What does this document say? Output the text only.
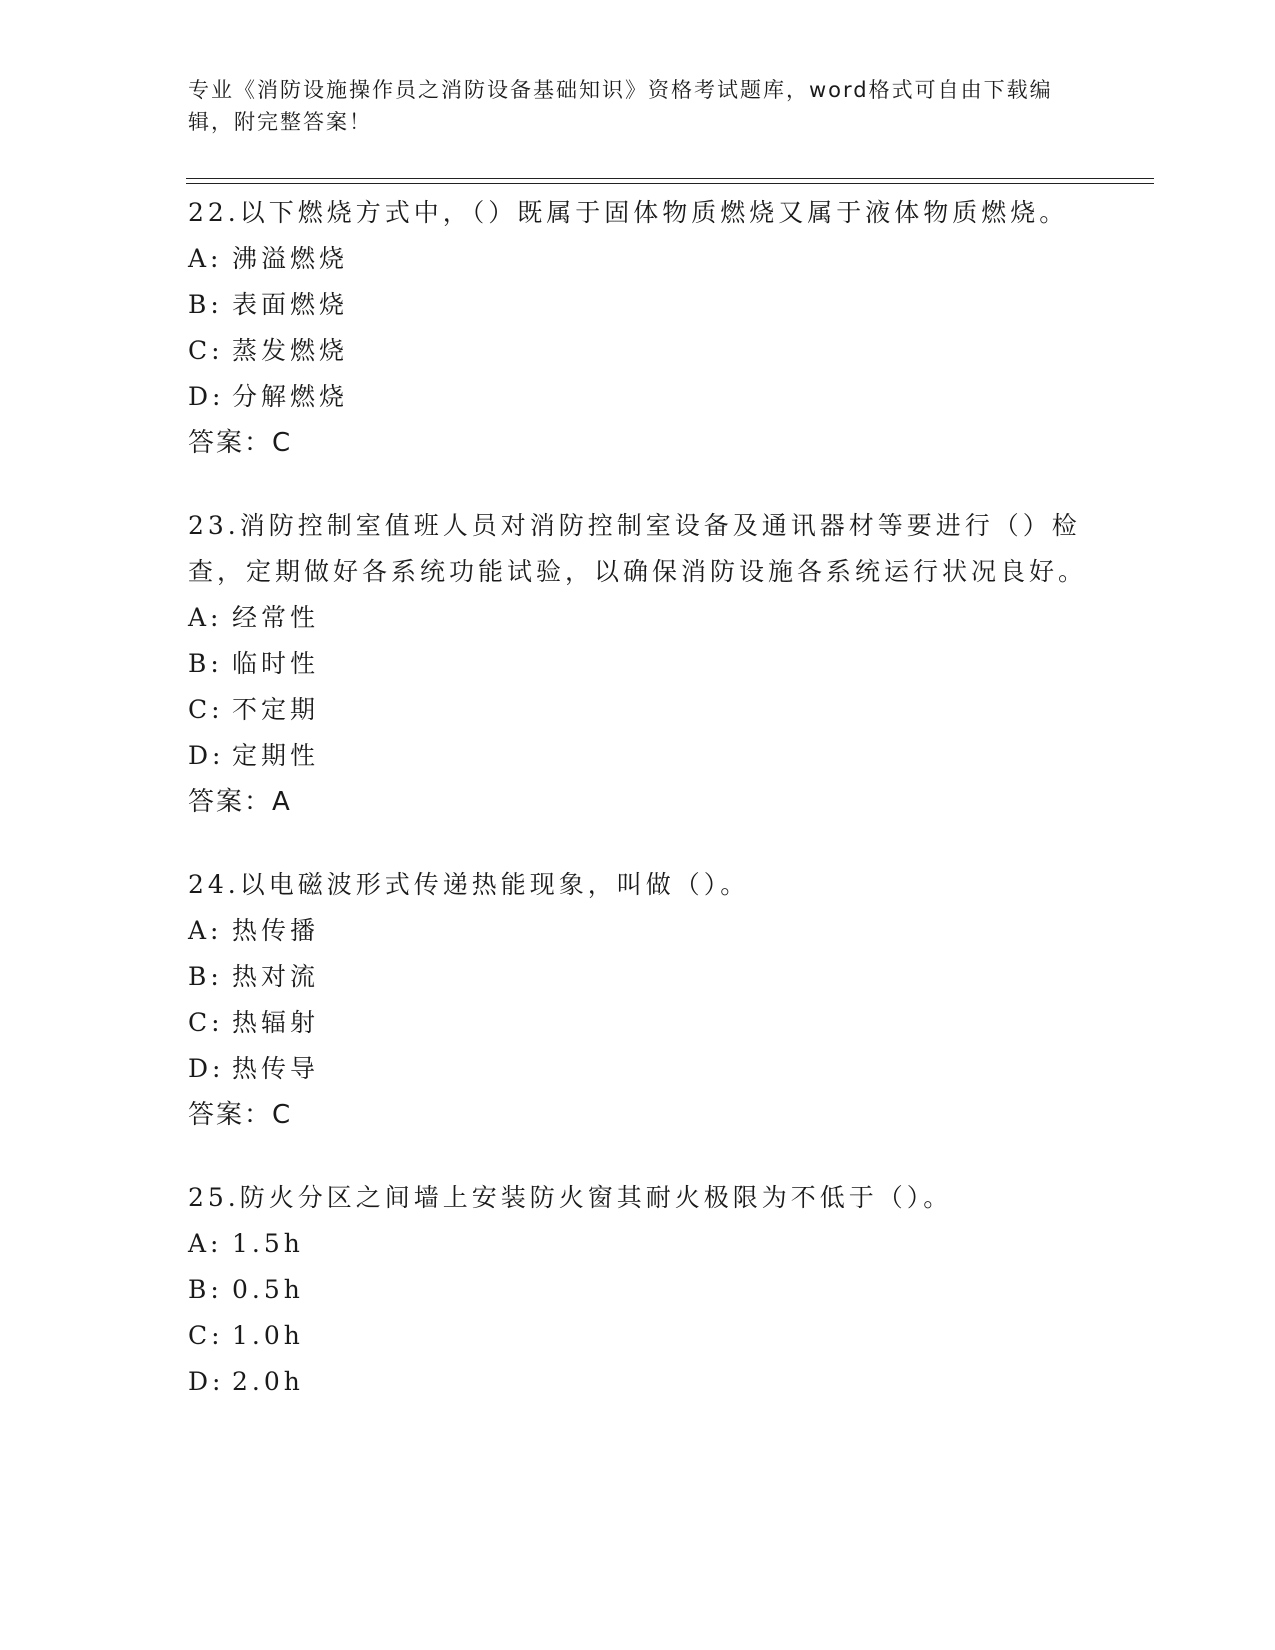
专业《消防设施操作员之消防设备基础知识》资格考试题库，word格式可自由下载编辑，附完整答案！
22.以下燃烧方式中，（）既属于固体物质燃烧又属于液体物质燃烧。
A: 沸溢燃烧
B: 表面燃烧
C: 蒸发燃烧
D: 分解燃烧
答案：C
23.消防控制室值班人员对消防控制室设备及通讯器材等要进行（）检查，定期做好各系统功能试验，以确保消防设施各系统运行状况良好。
A: 经常性
B: 临时性
C: 不定期
D: 定期性
答案：A
24.以电磁波形式传递热能现象，叫做（）。
A: 热传播
B: 热对流
C: 热辐射
D: 热传导
答案：C
25.防火分区之间墙上安装防火窗其耐火极限为不低于（）。
A: 1.5h
B: 0.5h
C: 1.0h
D: 2.0h
